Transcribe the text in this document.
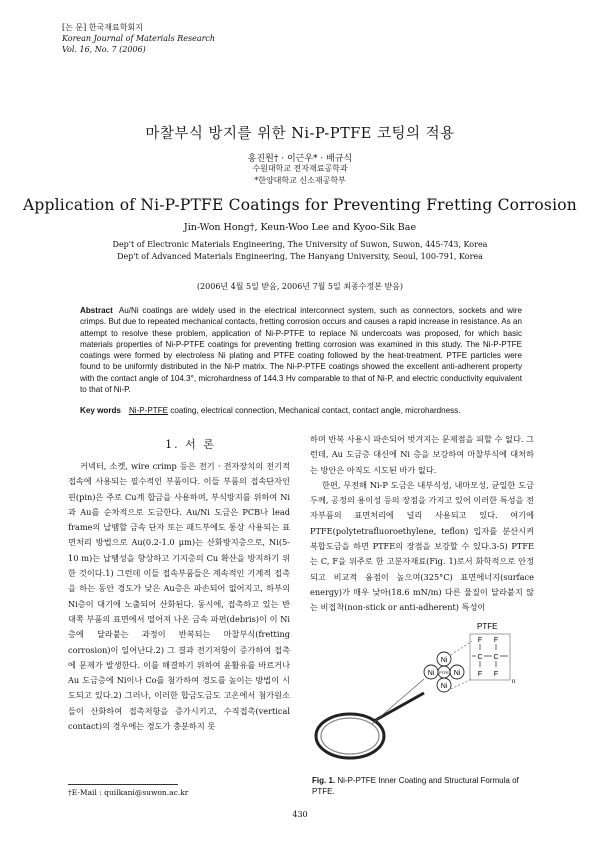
[논 문] 한국재료학회지
Korean Journal of Materials Research
Vol. 16, No. 7 (2006)
마찰부식 방지를 위한 Ni-P-PTFE 코팅의 적용
홍진원† · 이근우* · 배규식
수원대학교 전자재료공학과
*한양대학교 신소재공학부
Application of Ni-P-PTFE Coatings for Preventing Fretting Corrosion
Jin-Won Hong†, Keun-Woo Lee and Kyoo-Sik Bae
Dep't of Electronic Materials Engineering, The University of Suwon, Suwon, 445-743, Korea
Dep't of Advanced Materials Engineering, The Hanyang University, Seoul, 100-791, Korea
(2006년 4월 5일 받음, 2006년 7월 5일 최종수정본 받음)
Abstract Au/Ni coatings are widely used in the electrical interconnect system, such as connectors, sockets and wire crimps. But due to repeated mechanical contacts, fretting corrosion occurs and causes a rapid increase in resistance. As an attempt to resolve these problem, application of Ni-P-PTFE to replace Ni undercoats was proposed, for which basic materials properties of Ni-P-PTFE coatings for preventing fretting corrosion was examined in this study. The Ni-P-PTFE coatings were formed by electroless Ni plating and PTFE coating followed by the heat-treatment. PTFE particles were found to be uniformly distributed in the Ni-P matrix. The Ni-P-PTFE coatings showed the excellent anti-adherent property with the contact angle of 104.3°, microhardness of 144.3 Hv comparable to that of Ni-P, and electric conductivity equivalent to that of Ni-P.
Key words Ni-P-PTFE coating, electrical connection, Mechanical contact, contact angle, microhardness.
1. 서 론

커넥터, 소켓, wire crimp 등은 전기 · 전자장치의 전기적 접속에 사용되는 필수적인 부품이다. 이들 부품의 접속단자인 핀(pin)은 주로 Cu계 합금을 사용하며, 부식방지를 위하여 Ni과 Au를 순차적으로 도금한다. Au/Ni 도금은 PCB나 lead frame의 납땜할 금속 단자 또는 패드부에도 통상 사용되는 표면처리 방법으로 Au(0.2-1.0 μm)는 산화방지층으로, Ni(5-10 m)는 납땜성을 향상하고 기지층의 Cu 확산을 방지하기 위한 것이다.1) 그런데 이들 접속부품들은 계속적인 기계적 접촉을 하는 동안 경도가 낮은 Au층은 파손되어 없어지고, 하부의 Ni층이 대기에 노출되어 산화된다. 동시에, 접촉하고 있는 반대쪽 부품의 표면에서 떨어져 나온 금속 파편(debris)이 이 Ni 층에 달라붙는 과정이 반복되는 마찰부식(fretting corrosion)이 일어난다.2) 그 결과 전기저항이 증가하여 접촉에 문제가 발생한다. 이를 해결하기 위하여 윤활유를 바르거나 Au 도금층에 Ni이나 Co를 첨가하여 경도를 높이는 방법이 시도되고 있다.2) 그러나, 이러한 합금도금도 고온에서 첨가원소들이 산화하여 접촉저항을 증가시키고, 수직접촉(vertical contact)의 경우에는 경도가 충분하지 못

하며 반복 사용시 파손되어 벗겨지는 문제점을 피할 수 없다. 그런데, Au 도금층 대신에 Ni 층을 보강하여 마찰부식에 대처하는 방안은 아직도 시도된 바가 없다.

한편, 무전해 Ni-P 도금은 내부식성, 내마모성, 균일한 도금 두께, 공정의 용이성 등의 장점을 가지고 있어 이러한 특성을 전자부품의 표면처리에 널리 사용되고 있다. 여기에 PTFE(polytetrafluoroethylene, teflon) 입자를 분산시켜 복합도금을 하면 PTFE의 장점을 보강할 수 있다.3-5) PTFE는 C, F을 위주로 한 고분자재료(Fig. 1)로서 화학적으로 안정되고 비교적 융점이 높으며(325°C) 표면에너지(surface energy)가 매우 낮아(18.6 mN/m) 다른 물질이 달라붙지 않는 비접착(non-stick or anti-adherent) 특성이

Ni
Ni	Ni
Ni
PTFE
PTFE
F F
C C
F F
n
Fig. 1. Ni-P-PTFE Inner Coating and Structural Formula of PTFE.
†E-Mail : quilkani@suwon.ac.kr
430
